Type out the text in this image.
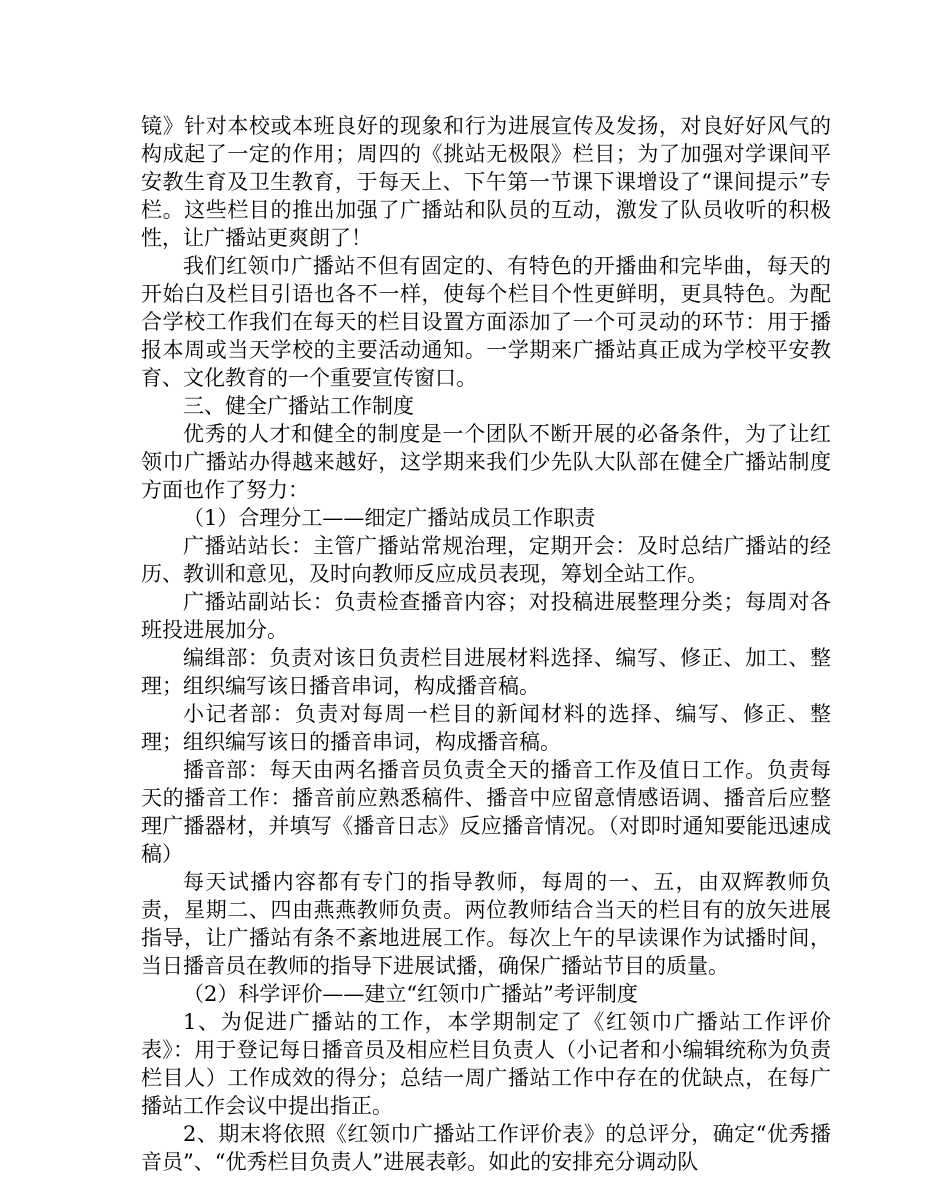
镜》针对本校或本班良好的现象和行为进展宣传及发扬，对良好好风气的构成起了一定的作用；周四的《挑站无极限》栏目；为了加强对学课间平安教生育及卫生教育，于每天上、下午第一节课下课增设了“课间提示”专栏。这些栏目的推出加强了广播站和队员的互动，激发了队员收听的积极性，让广播站更爽朗了！

我们红领巾广播站不但有固定的、有特色的开播曲和完毕曲，每天的开始白及栏目引语也各不一样，使每个栏目个性更鲜明，更具特色。为配合学校工作我们在每天的栏目设置方面添加了一个可灵动的环节：用于播报本周或当天学校的主要活动通知。一学期来广播站真正成为学校平安教育、文化教育的一个重要宣传窗口。

三、健全广播站工作制度

优秀的人才和健全的制度是一个团队不断开展的必备条件，为了让红领巾广播站办得越来越好，这学期来我们少先队大队部在健全广播站制度方面也作了努力：

（1）合理分工——细定广播站成员工作职责

广播站站长：主管广播站常规治理，定期开会：及时总结广播站的经历、教训和意见，及时向教师反应成员表现，筹划全站工作。

广播站副站长：负责检查播音内容；对投稿进展整理分类；每周对各班投进展加分。

编缉部：负责对该日负责栏目进展材料选择、编写、修正、加工、整理；组织编写该日播音串词，构成播音稿。

小记者部：负责对每周一栏目的新闻材料的选择、编写、修正、整理；组织编写该日的播音串词，构成播音稿。

播音部：每天由两名播音员负责全天的播音工作及值日工作。负责每天的播音工作：播音前应熟悉稿件、播音中应留意情感语调、播音后应整理广播器材，并填写《播音日志》反应播音情况。（对即时通知要能迅速成稿）

每天试播内容都有专门的指导教师，每周的一、五，由双辉教师负责，星期二、四由燕燕教师负责。两位教师结合当天的栏目有的放矢进展指导，让广播站有条不紊地进展工作。每次上午的早读课作为试播时间，当日播音员在教师的指导下进展试播，确保广播站节目的质量。

（2）科学评价——建立“红领巾广播站”考评制度

1、为促进广播站的工作，本学期制定了《红领巾广播站工作评价表》：用于登记每日播音员及相应栏目负责人（小记者和小编辑统称为负责栏目人）工作成效的得分；总结一周广播站工作中存在的优缺点，在每广播站工作会议中提出指正。

2、期末将依照《红领巾广播站工作评价表》的总评分，确定“优秀播音员”、“优秀栏目负责人”进展表彰。如此的安排充分调动队
